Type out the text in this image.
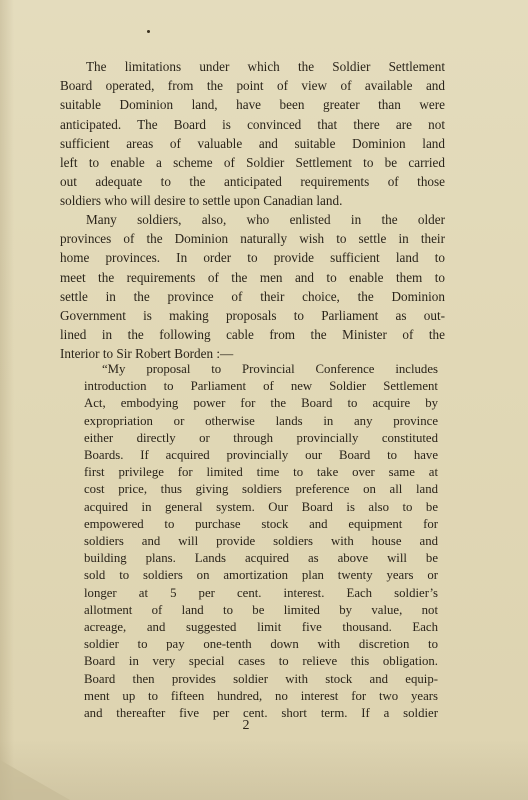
The limitations under which the Soldier Settlement
Board operated, from the point of view of available and
suitable Dominion land, have been greater than were
anticipated. The Board is convinced that there are not
sufficient areas of valuable and suitable Dominion land
left to enable a scheme of Soldier Settlement to be carried
out adequate to the anticipated requirements of those
soldiers who will desire to settle upon Canadian land.
Many soldiers, also, who enlisted in the older
provinces of the Dominion naturally wish to settle in their
home provinces. In order to provide sufficient land to
meet the requirements of the men and to enable them to
settle in the province of their choice, the Dominion
Government is making proposals to Parliament as out-
lined in the following cable from the Minister of the
Interior to Sir Robert Borden :—
“My proposal to Provincial Conference includes
introduction to Parliament of new Soldier Settlement
Act, embodying power for the Board to acquire by
expropriation or otherwise lands in any province
either directly or through provincially constituted
Boards. If acquired provincially our Board to have
first privilege for limited time to take over same at
cost price, thus giving soldiers preference on all land
acquired in general system. Our Board is also to be
empowered to purchase stock and equipment for
soldiers and will provide soldiers with house and
building plans. Lands acquired as above will be
sold to soldiers on amortization plan twenty years or
longer at 5 per cent. interest. Each soldier’s
allotment of land to be limited by value, not
acreage, and suggested limit five thousand. Each
soldier to pay one-tenth down with discretion to
Board in very special cases to relieve this obligation.
Board then provides soldier with stock and equip-
ment up to fifteen hundred, no interest for two years
and thereafter five per cent. short term. If a soldier
2
